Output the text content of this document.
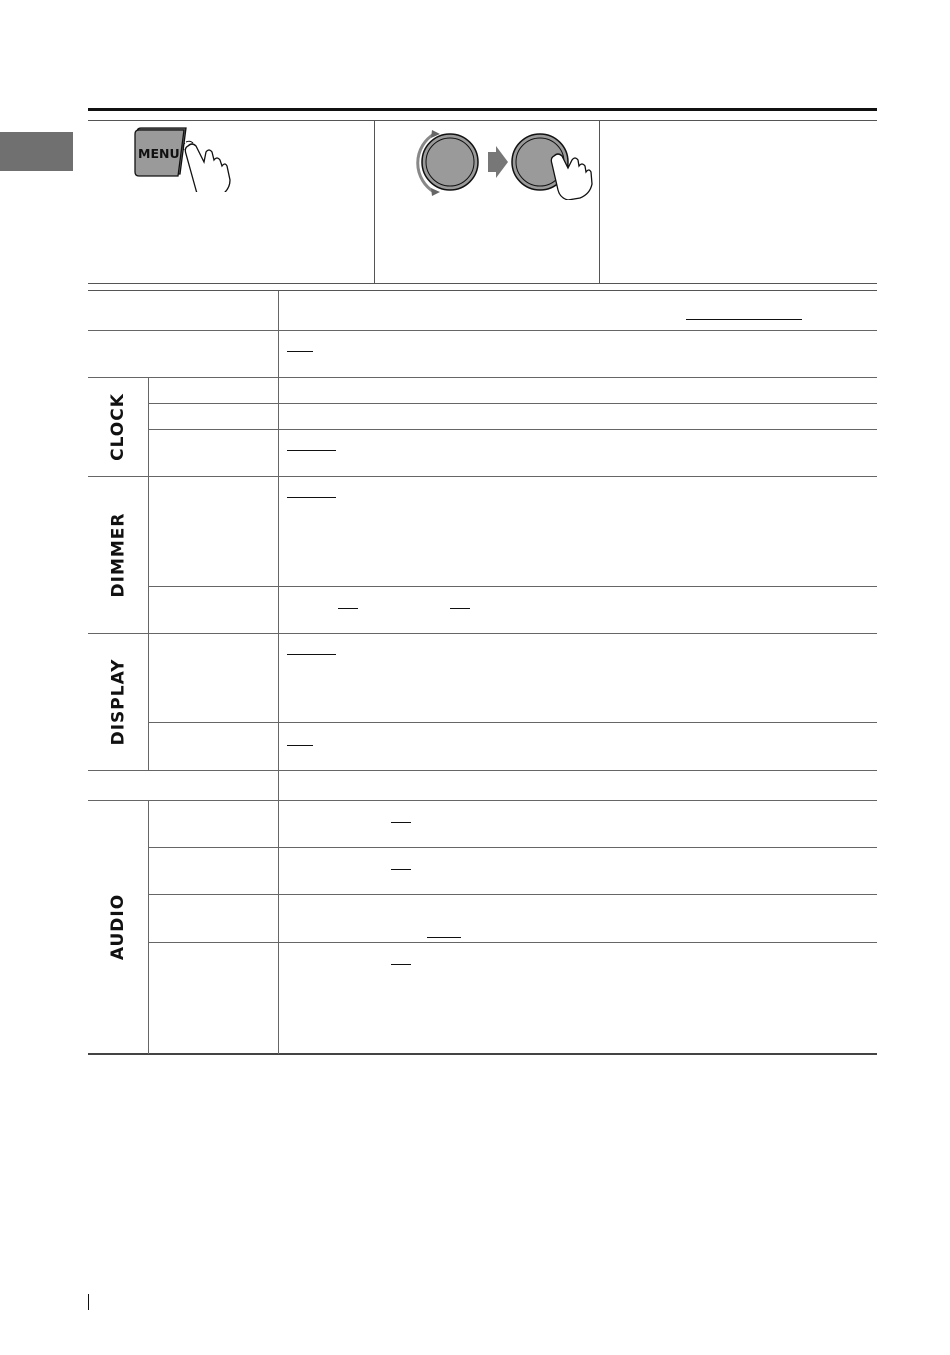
MENU
CLOCK
DIMMER
DISPLAY
AUDIO
